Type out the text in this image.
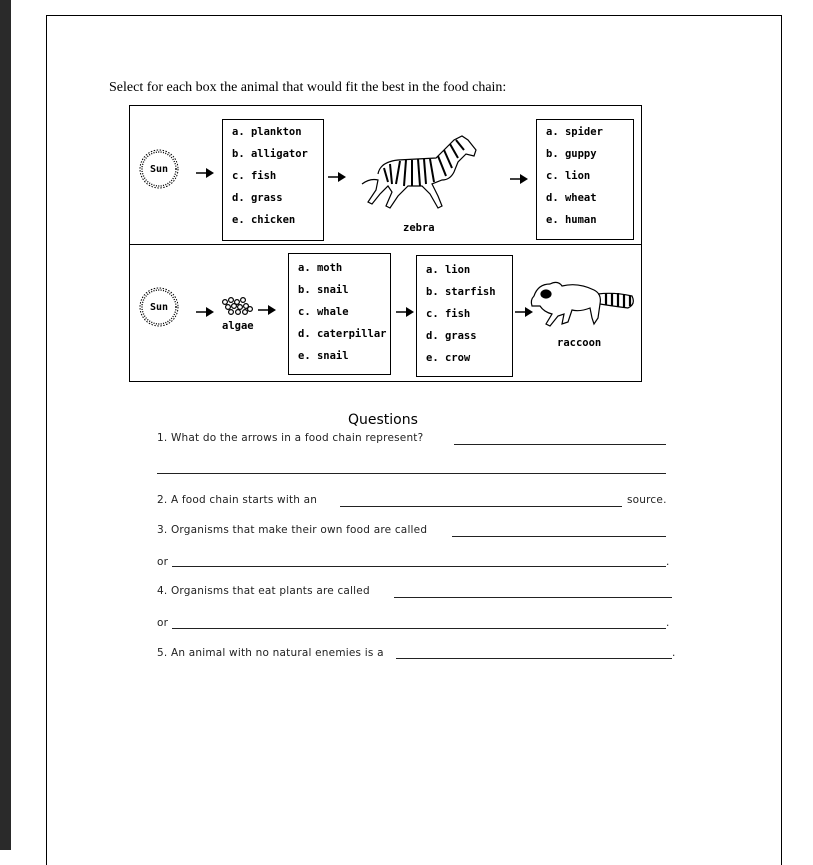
Select for each box the animal that would fit the best in the food chain:
Sun
a. plankton
b. alligator
c. fish
d. grass
e. chicken
zebra
a. spider
b. guppy
c. lion
d. wheat
e. human
Sun
algae
a. moth
b. snail
c. whale
d. caterpillar
e. snail
a. lion
b. starfish
c. fish
d. grass
e. crow
raccoon
Questions
1. What do the arrows in a food chain represent?
2. A food chain starts with an	source.
3. Organisms that make their own food are called
or	.
4. Organisms that eat plants are called
or	.
5. An animal with no natural enemies is a	.
